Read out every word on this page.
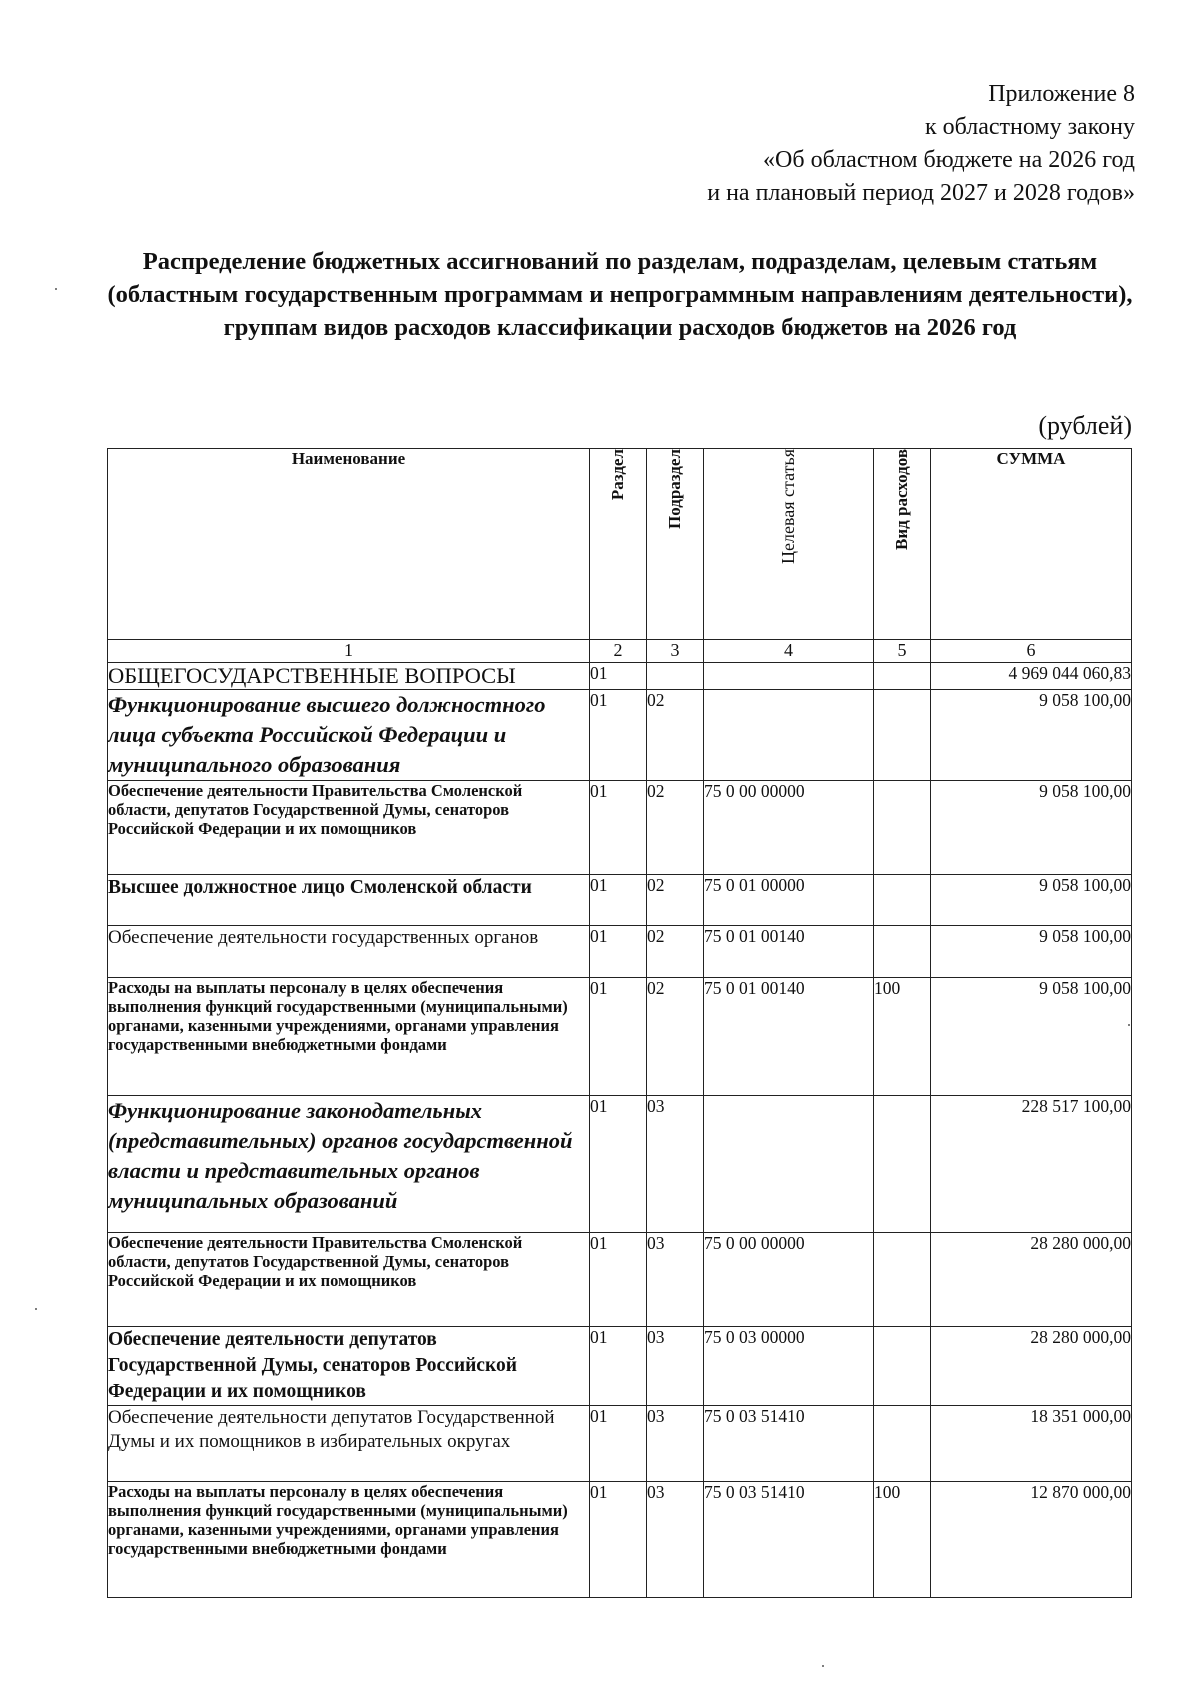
Приложение 8
к областному закону
«Об областном бюджете на 2026 год
и на плановый период 2027 и 2028 годов»
Распределение бюджетных ассигнований по разделам, подразделам, целевым статьям (областным государственным программам и непрограммным направлениям деятельности), группам видов расходов классификации расходов бюджетов на 2026 год
(рублей)
Наименование	Раздел	Подраздел	Целевая статья	Вид расходов	СУММА
1	2	3	4	5	6
ОБЩЕГОСУДАРСТВЕННЫЕ ВОПРОСЫ	01				4 969 044 060,83
Функционирование высшего должностного лица субъекта Российской Федерации и муниципального образования	01	02			9 058 100,00
Обеспечение деятельности Правительства Смоленской области, депутатов Государственной Думы, сенаторов Российской Федерации и их помощников	01	02	75 0 00 00000		9 058 100,00
Высшее должностное лицо Смоленской области	01	02	75 0 01 00000		9 058 100,00
Обеспечение деятельности государственных органов	01	02	75 0 01 00140		9 058 100,00
Расходы на выплаты персоналу в целях обеспечения выполнения функций государственными (муниципальными) органами, казенными учреждениями, органами управления государственными внебюджетными фондами	01	02	75 0 01 00140	100	9 058 100,00
Функционирование законодательных (представительных) органов государственной власти и представительных органов муниципальных образований	01	03			228 517 100,00
Обеспечение деятельности Правительства Смоленской области, депутатов Государственной Думы, сенаторов Российской Федерации и их помощников	01	03	75 0 00 00000		28 280 000,00
Обеспечение деятельности депутатов Государственной Думы, сенаторов Российской Федерации и их помощников	01	03	75 0 03 00000		28 280 000,00
Обеспечение деятельности депутатов Государственной Думы и их помощников в избирательных округах	01	03	75 0 03 51410		18 351 000,00
Расходы на выплаты персоналу в целях обеспечения выполнения функций государственными (муниципальными) органами, казенными учреждениями, органами управления государственными внебюджетными фондами	01	03	75 0 03 51410	100	12 870 000,00
